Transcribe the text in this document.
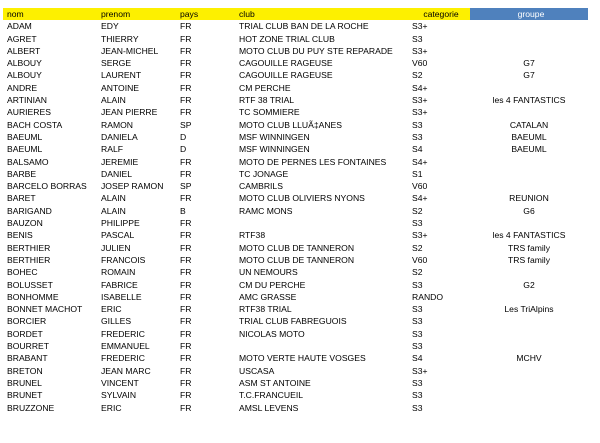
nom	prenom	pays	club	categorie	groupe
ADAM	EDY	FR	TRIAL CLUB BAN DE LA ROCHE	S3+	
AGRET	THIERRY	FR	HOT ZONE TRIAL CLUB	S3	
ALBERT	JEAN-MICHEL	FR	MOTO CLUB DU PUY STE REPARADE	S3+	
ALBOUY	SERGE	FR	CAGOUILLE RAGEUSE	V60	G7
ALBOUY	LAURENT	FR	CAGOUILLE RAGEUSE	S2	G7
ANDRE	ANTOINE	FR	CM PERCHE	S4+	
ARTINIAN	ALAIN	FR	RTF 38 TRIAL	S3+	les 4 FANTASTICS
AURIERES	JEAN PIERRE	FR	TC SOMMIERE	S3+	
BACH COSTA	RAMON	SP	MOTO CLUB LLUÃ‡ANES	S3	CATALAN
BAEUML	DANIELA	D	MSF WINNINGEN	S3	BAEUML
BAEUML	RALF	D	MSF WINNINGEN	S4	BAEUML
BALSAMO	JEREMIE	FR	MOTO DE PERNES LES FONTAINES	S4+	
BARBE	DANIEL	FR	TC JONAGE	S1	
BARCELO BORRAS	JOSEP RAMON	SP	CAMBRILS	V60	
BARET	ALAIN	FR	MOTO CLUB OLIVIERS NYONS	S4+	REUNION
BARIGAND	ALAIN	B	RAMC MONS	S2	G6
BAUZON	PHILIPPE	FR		S3	
BENIS	PASCAL	FR	RTF38	S3+	les 4 FANTASTICS
BERTHIER	JULIEN	FR	MOTO CLUB DE TANNERON	S2	TRS family
BERTHIER	FRANCOIS	FR	MOTO CLUB DE TANNERON	V60	TRS family
BOHEC	ROMAIN	FR	UN NEMOURS	S2	
BOLUSSET	FABRICE	FR	CM DU PERCHE	S3	G2
BONHOMME	ISABELLE	FR	AMC GRASSE	RANDO	
BONNET MACHOT	ERIC	FR	RTF38 TRIAL	S3	Les TriAlpins
BORCIER	GILLES	FR	TRIAL CLUB FABREGUOIS	S3	
BORDET	FREDERIC	FR	NICOLAS MOTO	S3	
BOURRET	EMMANUEL	FR		S3	
BRABANT	FREDERIC	FR	MOTO VERTE HAUTE VOSGES	S4	MCHV
BRETON	JEAN MARC	FR	USCASA	S3+	
BRUNEL	VINCENT	FR	ASM ST ANTOINE	S3	
BRUNET	SYLVAIN	FR	T.C.FRANCUEIL	S3	
BRUZZONE	ERIC	FR	AMSL LEVENS	S3	
